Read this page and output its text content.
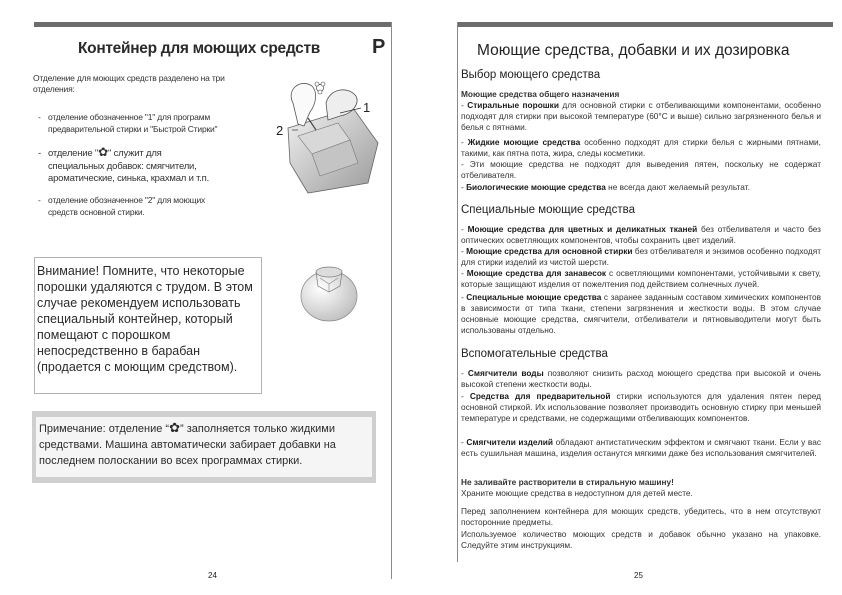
Контейнер для моющих средств	P
Отделение для моющих средств разделено на три отделения:
- отделение обозначенное "1" для программ
предварительной стирки и "Быстрой Стирки"
- отделение "✿" служит для
специальных добавок: смягчители,
ароматические, синька, крахмал и т.п.
- отделение обозначенное "2" для моющих
средств основной стирки.
1
2
Внимание! Помните, что некоторые порошки удаляются с трудом. В этом случае рекомендуем использовать специальный контейнер, который помещают с порошком непосредственно в барабан (продается с моющим средством).
Примечание: отделение “✿” заполняется только жидкими средствами. Машина автоматически забирает добавки на последнем полоскании во всех программах стирки.
24
Моющие средства, добавки и их дозировка
Выбор моющего средства
Моющие средства общего назначения
- Стиральные порошки для основной стирки с отбеливающими компонентами, особенно подходят для стирки при высокой температуре (60°С и выше) сильно загрязненного белья и белья с пятнами.
- Жидкие моющие средства особенно подходят для стирки белья с жирными пятнами, такими, как пятна пота, жира, следы косметики.
- Эти моющие средства не подходят для выведения пятен, поскольку не содержат отбеливателя.
- Биологические моющие средства не всегда дают желаемый результат.
Специальные моющие средства
- Моющие средства для цветных и деликатных тканей без отбеливателя и часто без оптических осветляющих компонентов, чтобы сохранить цвет изделий.
- Моющие средства для основной стирки без отбеливателя и энзимов особенно подходят для стирки изделий из чистой шерсти.
- Моющие средства для занавесок с осветляющими компонентами, устойчивыми к свету, которые защищают изделия от пожелтения под действием солнечных лучей.
- Специальные моющие средства с заранее заданным составом химических компонентов в зависимости от типа ткани, степени загрязнения и жесткости воды. В этом случае основные моющие средства, смягчители, отбеливатели и пятновыводители могут быть использованы отдельно.
Вспомогательные средства
- Смягчители воды позволяют снизить расход моющего средства при высокой и очень высокой степени жесткости воды.
- Средства для предварительной стирки используются для удаления пятен перед основной стиркой. Их использование позволяет производить основную стирку при меньшей температуре и средствами, не содержащими отбеливающих компонентов.
- Смягчители изделий обладают антистатическим эффектом и смягчают ткани. Если у вас есть сушильная машина, изделия останутся мягкими даже без использования смягчителей.
Не заливайте растворители в стиральную машину!
Храните моющие средства в недоступном для детей месте.
Перед заполнением контейнера для моющих средств, убедитесь, что в нем отсутствуют посторонние предметы.
Используемое количество моющих средств и добавок обычно указано на упаковке. Следуйте этим инструкциям.
25
